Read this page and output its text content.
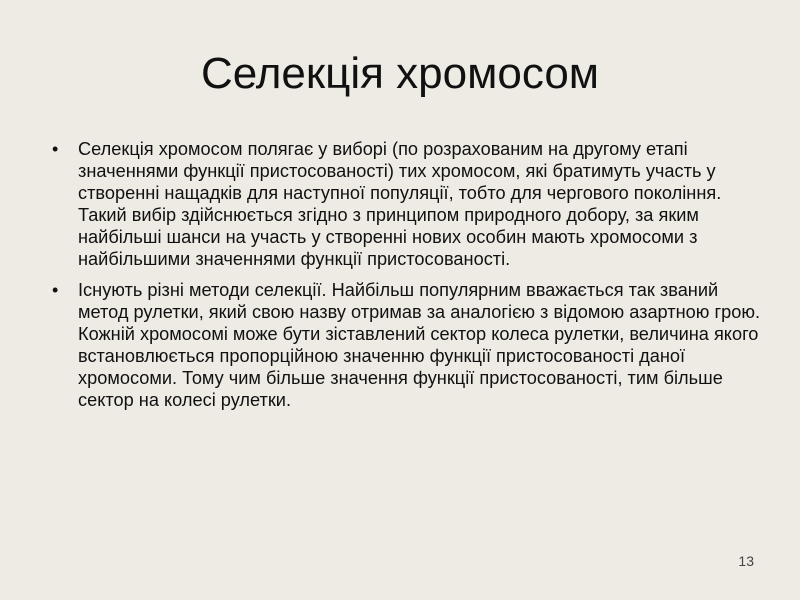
Селекція хромосом
• Селекція хромосом полягає у виборі (по розрахованим на другому етапі значеннями функції пристосованості) тих хромосом, які братимуть участь у створенні нащадків для наступної популяції, тобто для чергового покоління. Такий вибір здійснюється згідно з принципом природного добору, за яким найбільші шанси на участь у створенні нових особин мають хромосоми з найбільшими значеннями функції пристосованості.
• Існують різні методи селекції. Найбільш популярним вважається так званий метод рулетки, який свою назву отримав за аналогією з відомою азартною грою. Кожній хромосомі може бути зіставлений сектор колеса рулетки, величина якого встановлюється пропорційною значенню функції пристосованості даної хромосоми. Тому чим більше значення функції пристосованості, тим більше сектор на колесі рулетки.
13
